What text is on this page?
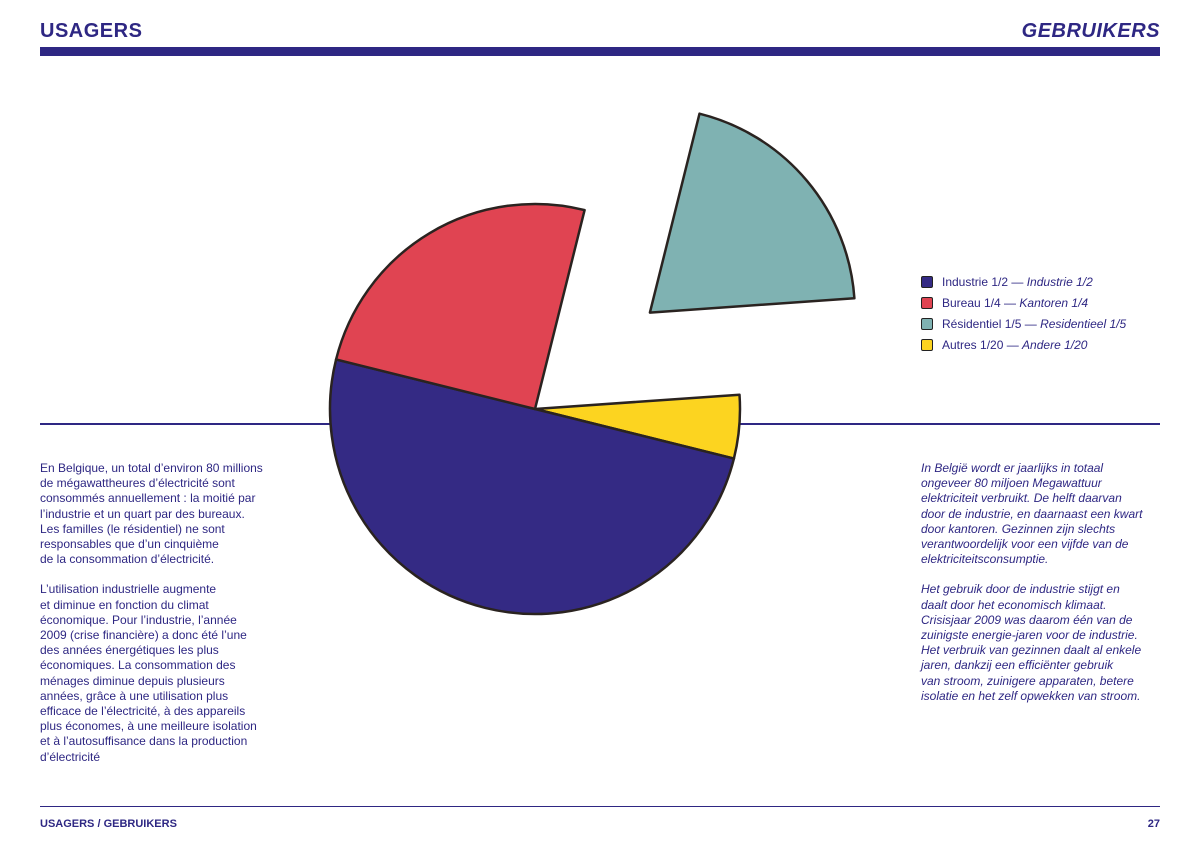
USAGERS	GEBRUIKERS
Industrie 1/2 — Industrie 1/2
Bureau 1/4 — Kantoren 1/4
Résidentiel 1/5 — Residentieel 1/5
Autres 1/20 — Andere 1/20

En Belgique, un total d’environ 80 millions
de mégawattheures d’électricité sont
consommés annuellement : la moitié par
l’industrie et un quart par des bureaux.
Les familles (le résidentiel) ne sont
responsables que d’un cinquième
de la consommation d’électricité.

L’utilisation industrielle augmente
et diminue en fonction du climat
économique. Pour l’industrie, l’année
2009 (crise financière) a donc été l’une
des années énergétiques les plus
économiques. La consommation des
ménages diminue depuis plusieurs
années, grâce à une utilisation plus
efficace de l’électricité, à des appareils
plus économes, à une meilleure isolation
et à l’autosuffisance dans la production
d’électricité

In België wordt er jaarlijks in totaal
ongeveer 80 miljoen Megawattuur
elektriciteit verbruikt. De helft daarvan
door de industrie, en daarnaast een kwart
door kantoren. Gezinnen zijn slechts
verantwoordelijk voor een vijfde van de
elektriciteitsconsumptie.

Het gebruik door de industrie stijgt en
daalt door het economisch klimaat.
Crisisjaar 2009 was daarom één van de
zuinigste energie-jaren voor de industrie.
Het verbruik van gezinnen daalt al enkele
jaren, dankzij een efficiënter gebruik
van stroom, zuinigere apparaten, betere
isolatie en het zelf opwekken van stroom.

USAGERS / GEBRUIKERS	27
